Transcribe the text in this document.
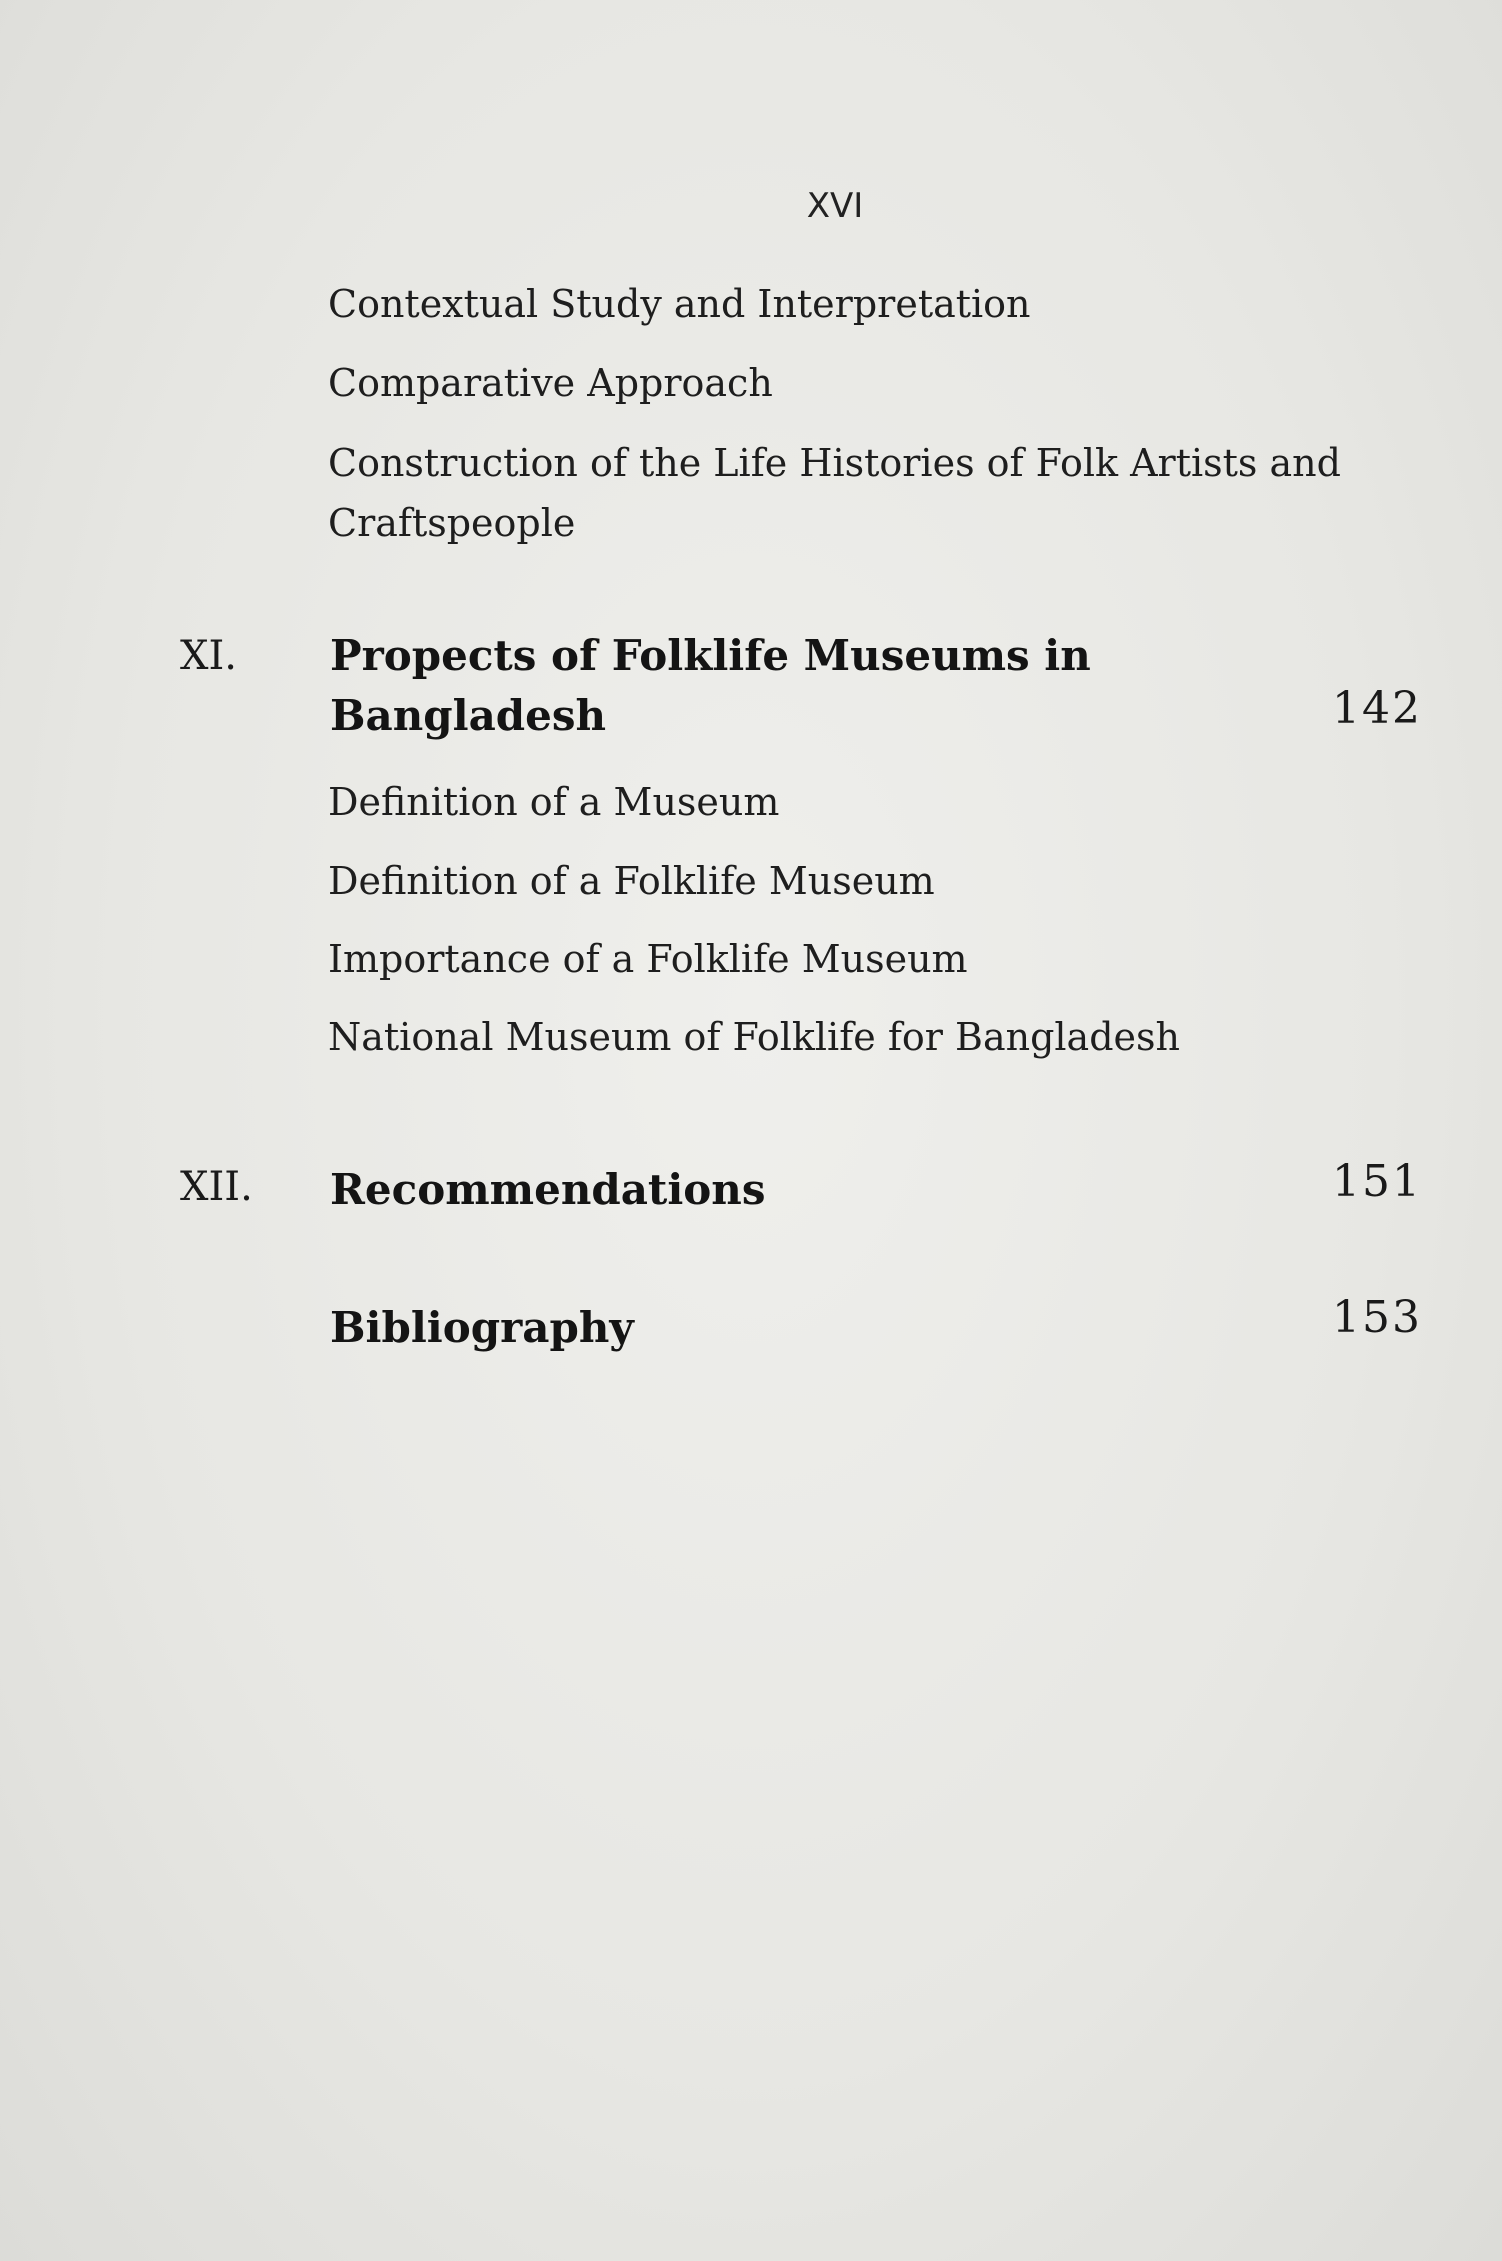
XVI
Contextual Study and Interpretation
Comparative Approach
Construction of the Life Histories of Folk Artists and Craftspeople
XI. Propects of Folklife Museums in Bangladesh	142
Definition of a Museum
Definition of a Folklife Museum
Importance of a Folklife Museum
National Museum of Folklife for Bangladesh
XII. Recommendations	151
Bibliography	153
